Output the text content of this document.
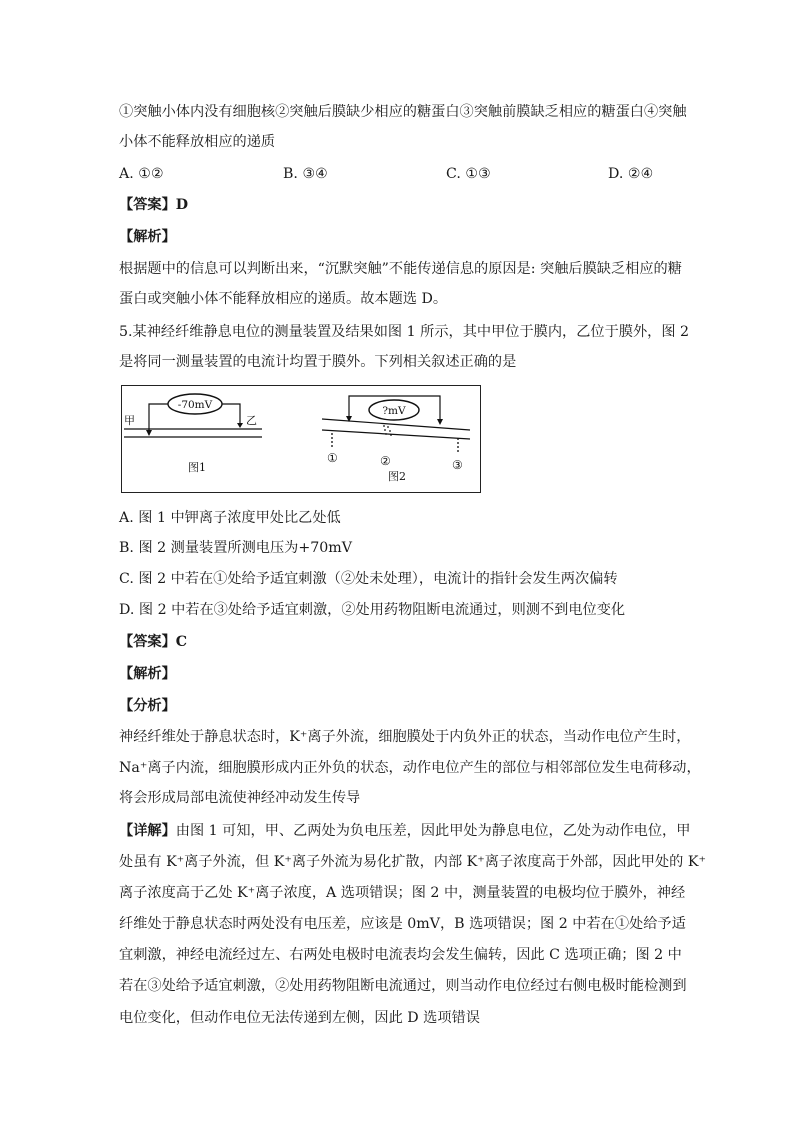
①突触小体内没有细胞核②突触后膜缺少相应的糖蛋白③突触前膜缺乏相应的糖蛋白④突触
小体不能释放相应的递质
A. ①②	B. ③④	C. ①③	D. ②④
【答案】D
【解析】
根据题中的信息可以判断出来，“沉默突触”不能传递信息的原因是: 突触后膜缺乏相应的糖
蛋白或突触小体不能释放相应的递质。故本题选 D。
5.某神经纤维静息电位的测量装置及结果如图 1 所示，其中甲位于膜内，乙位于膜外，图 2
是将同一测量装置的电流计均置于膜外。下列相关叙述正确的是
甲	乙
-70mV
图1
?mV
①	②	③
图2
A. 图 1 中钾离子浓度甲处比乙处低
B. 图 2 测量装置所测电压为+70mV
C. 图 2 中若在①处给予适宜刺激（②处未处理），电流计的指针会发生两次偏转
D. 图 2 中若在③处给予适宜刺激，②处用药物阻断电流通过，则测不到电位变化
【答案】C
【解析】
【分析】
神经纤维处于静息状态时，K⁺离子外流，细胞膜处于内负外正的状态，当动作电位产生时，
Na⁺离子内流，细胞膜形成内正外负的状态，动作电位产生的部位与相邻部位发生电荷移动，
将会形成局部电流使神经冲动发生传导
【详解】由图 1 可知，甲、乙两处为负电压差，因此甲处为静息电位，乙处为动作电位，甲
处虽有 K⁺离子外流，但 K⁺离子外流为易化扩散，内部 K⁺离子浓度高于外部，因此甲处的 K⁺
离子浓度高于乙处 K⁺离子浓度，A 选项错误；图 2 中，测量装置的电极均位于膜外，神经
纤维处于静息状态时两处没有电压差，应该是 0mV，B 选项错误；图 2 中若在①处给予适
宜刺激，神经电流经过左、右两处电极时电流表均会发生偏转，因此 C 选项正确；图 2 中
若在③处给予适宜刺激，②处用药物阻断电流通过，则当动作电位经过右侧电极时能检测到
电位变化，但动作电位无法传递到左侧，因此 D 选项错误
